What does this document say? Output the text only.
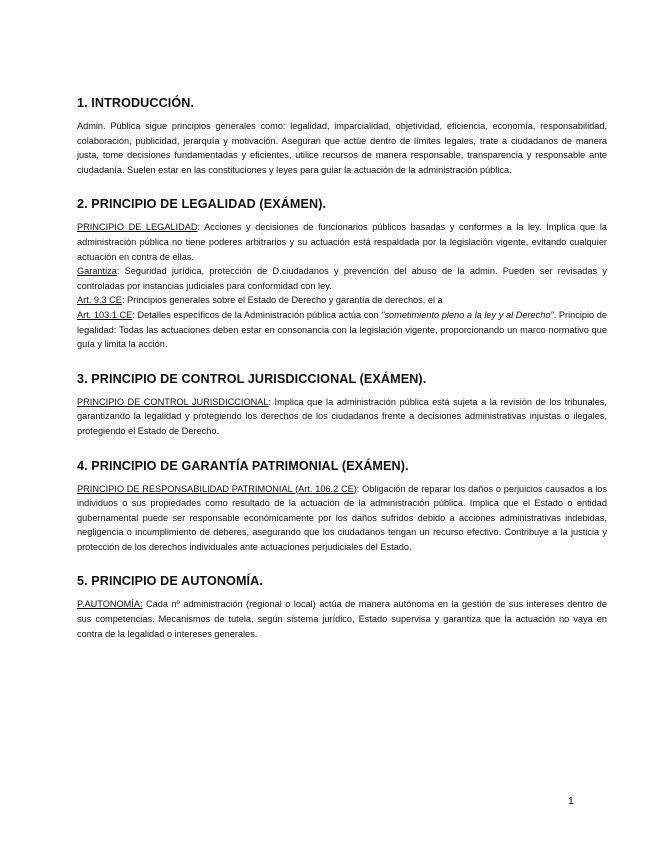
1. INTRODUCCIÓN.

Admin. Pública sigue principios generales como: legalidad, imparcialidad, objetividad, eficiencia, economía, responsabilidad, colaboración, publicidad, jerarquía y motivación. Aseguran que actúe dentro de límites legales, trate a ciudadanos de manera justa, tome decisiones fundamentadas y eficientes, utilice recursos de manera responsable, transparencia y responsable ante ciudadanía. Suelen estar en las constituciones y leyes para guiar la actuación de la administración pública.

2. PRINCIPIO DE LEGALIDAD (EXÁMEN).

PRINCIPIO DE LEGALIDAD: Acciones y decisiones de funcionarios públicos basadas y conformes a la ley. Implica que la administración pública no tiene poderes arbitrarios y su actuación está respaldada por la legislación vigente, evitando cualquier actuación en contra de ellas.

Garantiza: Seguridad jurídica, protección de D.ciudadanos y prevención del abuso de la admin. Pueden ser revisadas y controladas por instancias judiciales para conformidad con ley.

Art. 9.3 CE: Principios generales sobre el Estado de Derecho y garantía de derechos, el a

Art. 103.1 CE: Detalles específicos de la Administración pública actúa con "sometimiento pleno a la ley y al Derecho". Principio de legalidad: Todas las actuaciones deben estar en consonancia con la legislación vigente, proporcionando un marco normativo que guía y limita la acción.

3. PRINCIPIO DE CONTROL JURISDICCIONAL (EXÁMEN).

PRINCIPIO DE CONTROL JURISDICCIONAL: Implica que la administración pública está sujeta a la revisión de los tribunales, garantizando la legalidad y protegiendo los derechos de los ciudadanos frente a decisiones administrativas injustas o ilegales, protegiendo el Estado de Derecho.

4. PRINCIPIO DE GARANTÍA PATRIMONIAL (EXÁMEN).

PRINCIPIO DE RESPONSABILIDAD PATRIMONIAL (Art. 106.2 CE): Obligación de reparar los daños o perjuicios causados a los individuos o sus propiedades como resultado de la actuación de la administración pública. Implica que el Estado o entidad gubernamental puede ser responsable económicamente por los daños sufridos debido a acciones administrativas indebidas, negligencia o incumplimiento de deberes, asegurando que los ciudadanos tengan un recurso efectivo. Contribuye a la justicia y protección de los derechos individuales ante actuaciones perjudiciales del Estado.

5. PRINCIPIO DE AUTONOMÍA.

P.AUTONOMÍA: Cada nº administración (regional o local) actúa de manera autónoma en la gestión de sus intereses dentro de sus competencias. Mecanismos de tutela, según sistema jurídico, Estado supervisa y garantiza que la actuación no vaya en contra de la legalidad o intereses generales.

1
